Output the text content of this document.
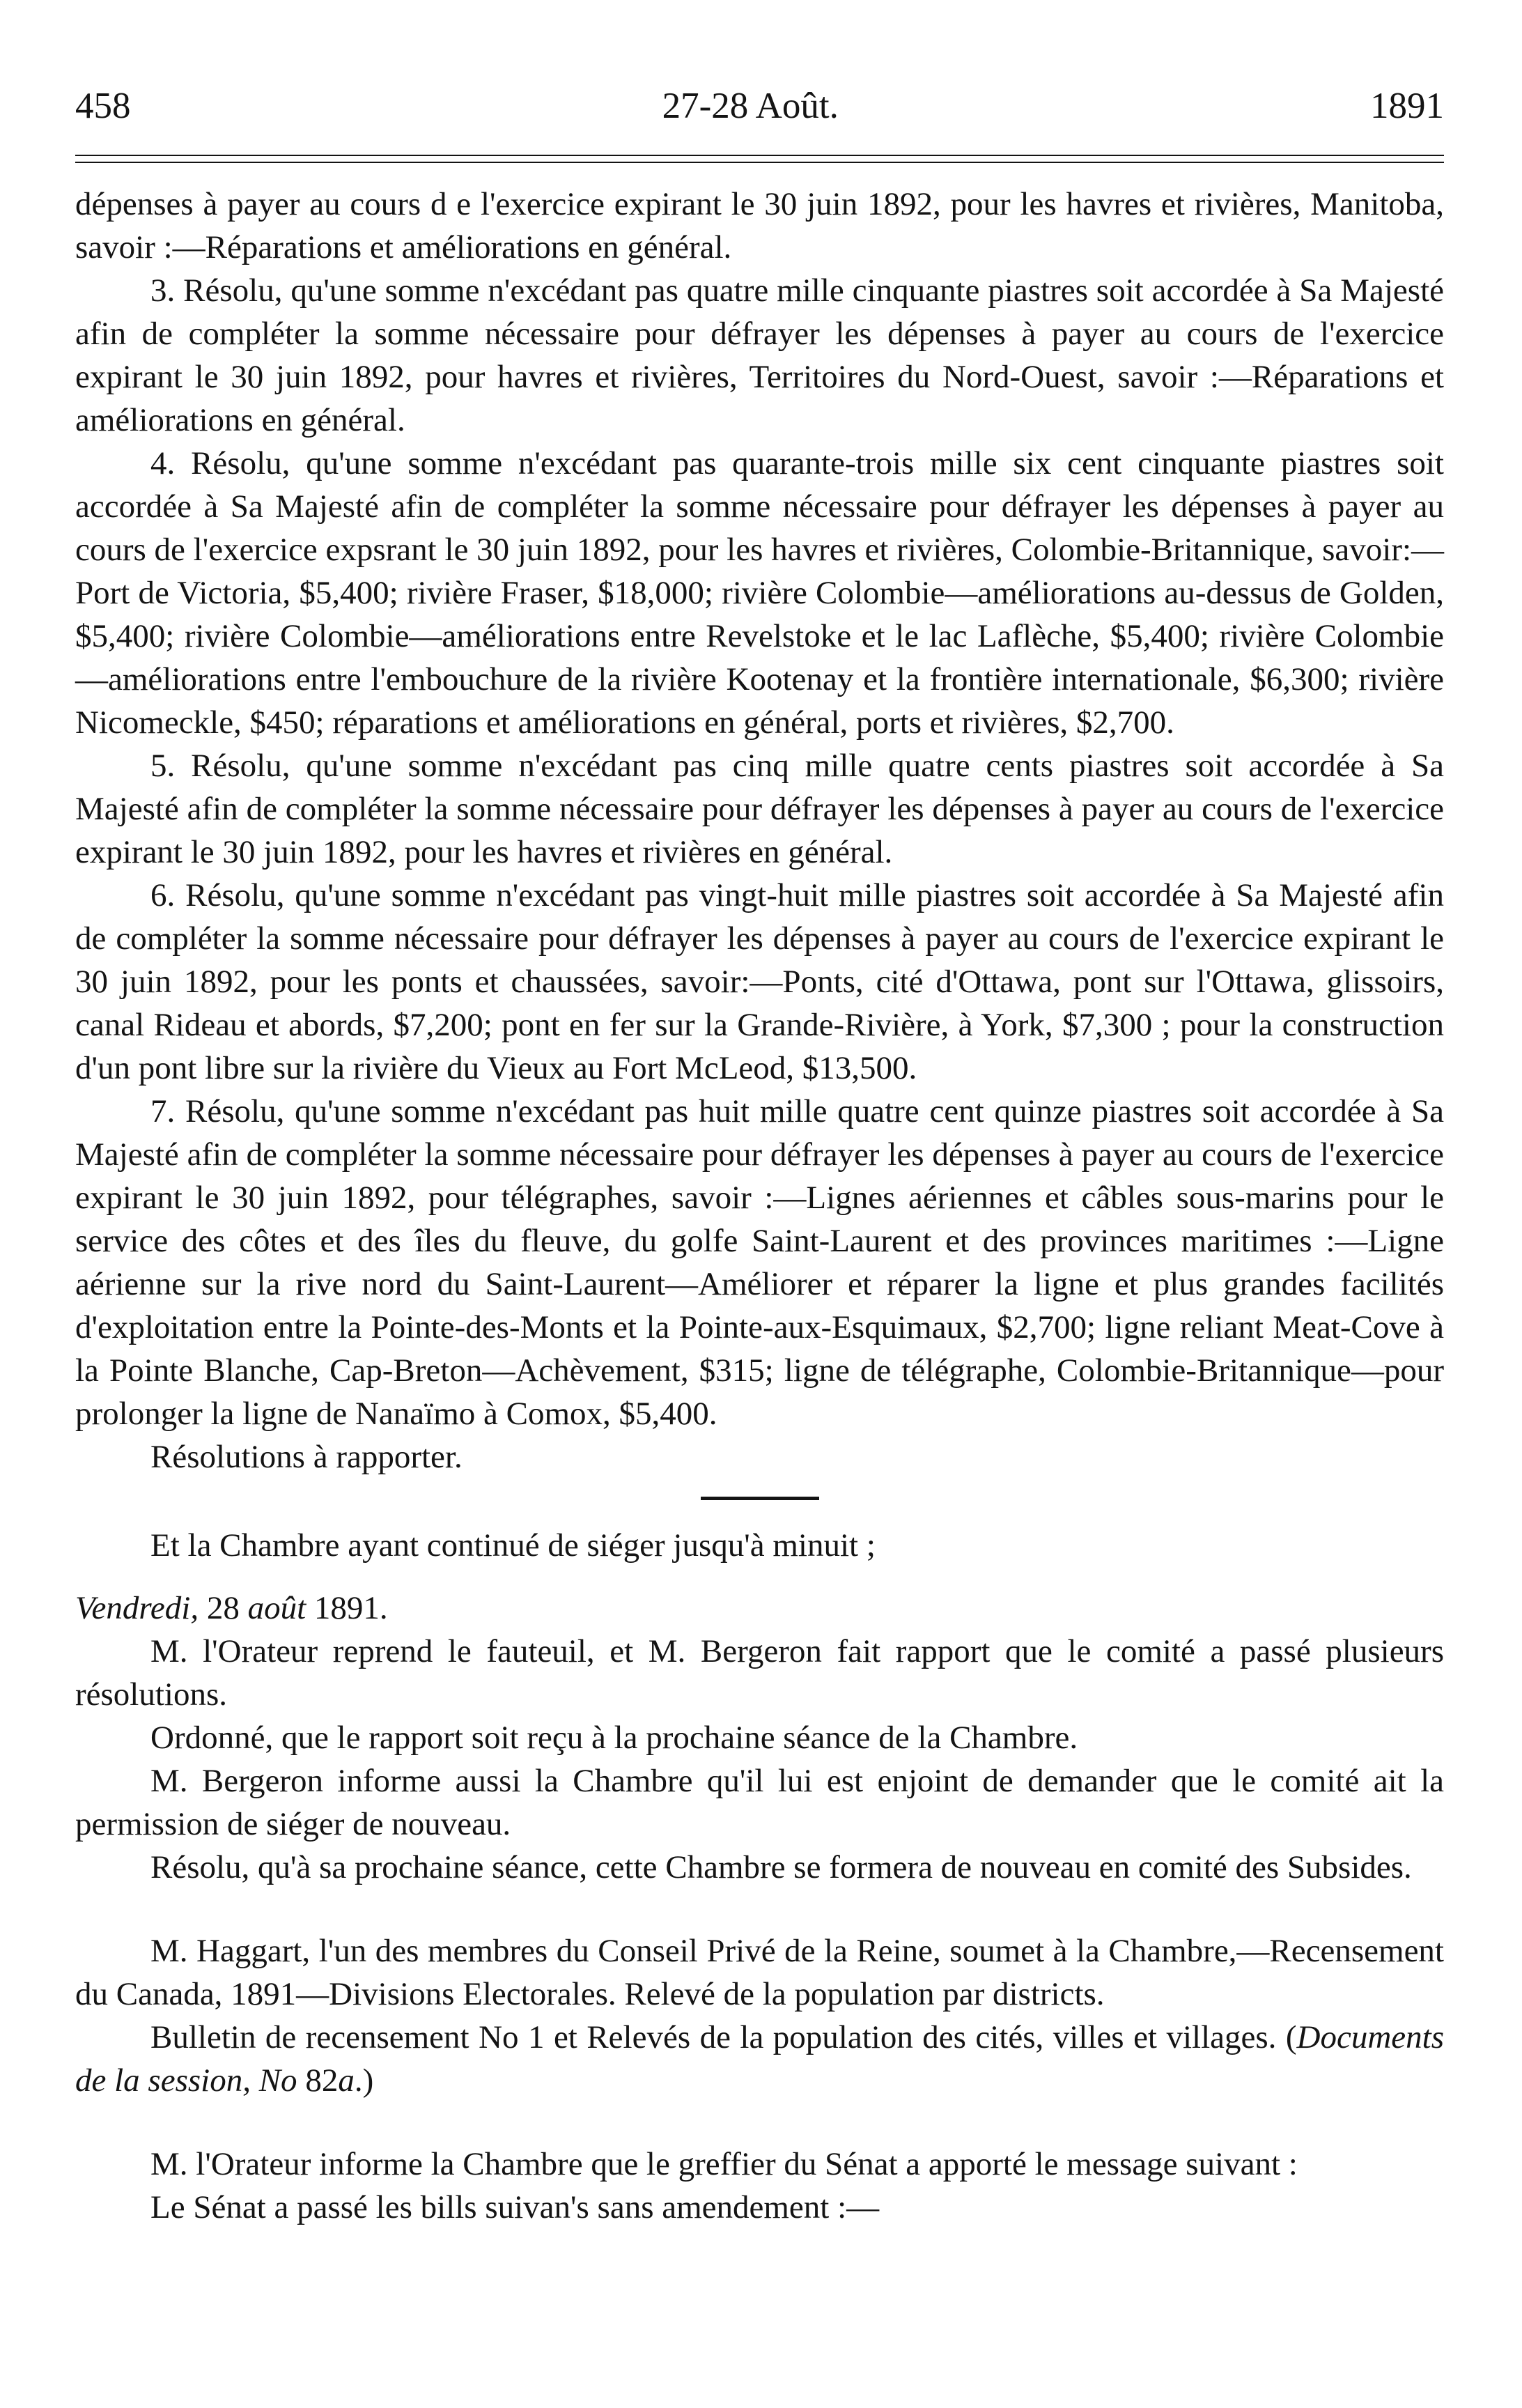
458	27-28 Août.	1891

dépenses à payer au cours d e l'exercice expirant le 30 juin 1892, pour les havres et rivières, Manitoba, savoir :—Réparations et améliorations en général.

3. Résolu, qu'une somme n'excédant pas quatre mille cinquante piastres soit accordée à Sa Majesté afin de compléter la somme nécessaire pour défrayer les dépenses à payer au cours de l'exercice expirant le 30 juin 1892, pour havres et rivières, Territoires du Nord-Ouest, savoir :—Réparations et améliorations en général.

4. Résolu, qu'une somme n'excédant pas quarante-trois mille six cent cinquante piastres soit accordée à Sa Majesté afin de compléter la somme nécessaire pour défrayer les dépenses à payer au cours de l'exercice expsrant le 30 juin 1892, pour les havres et rivières, Colombie-Britannique, savoir:—Port de Victoria, $5,400; rivière Fraser, $18,000; rivière Colombie—améliorations au-dessus de Golden, $5,400; rivière Colombie—améliorations entre Revelstoke et le lac Laflèche, $5,400; rivière Colombie—améliorations entre l'embouchure de la rivière Kootenay et la frontière internationale, $6,300; rivière Nicomeckle, $450; réparations et améliorations en général, ports et rivières, $2,700.

5. Résolu, qu'une somme n'excédant pas cinq mille quatre cents piastres soit accordée à Sa Majesté afin de compléter la somme nécessaire pour défrayer les dépenses à payer au cours de l'exercice expirant le 30 juin 1892, pour les havres et rivières en général.

6. Résolu, qu'une somme n'excédant pas vingt-huit mille piastres soit accordée à Sa Majesté afin de compléter la somme nécessaire pour défrayer les dépenses à payer au cours de l'exercice expirant le 30 juin 1892, pour les ponts et chaussées, savoir:—Ponts, cité d'Ottawa, pont sur l'Ottawa, glissoirs, canal Rideau et abords, $7,200; pont en fer sur la Grande-Rivière, à York, $7,300 ; pour la construction d'un pont libre sur la rivière du Vieux au Fort McLeod, $13,500.

7. Résolu, qu'une somme n'excédant pas huit mille quatre cent quinze piastres soit accordée à Sa Majesté afin de compléter la somme nécessaire pour défrayer les dépenses à payer au cours de l'exercice expirant le 30 juin 1892, pour télégraphes, savoir :—Lignes aériennes et câbles sous-marins pour le service des côtes et des îles du fleuve, du golfe Saint-Laurent et des provinces maritimes :—Ligne aérienne sur la rive nord du Saint-Laurent—Améliorer et réparer la ligne et plus grandes facilités d'exploitation entre la Pointe-des-Monts et la Pointe-aux-Esquimaux, $2,700; ligne reliant Meat-Cove à la Pointe Blanche, Cap-Breton—Achèvement, $315; ligne de télégraphe, Colombie-Britannique—pour prolonger la ligne de Nanaïmo à Comox, $5,400.

Résolutions à rapporter.

Et la Chambre ayant continué de siéger jusqu'à minuit ;

Vendredi, 28 août 1891.

M. l'Orateur reprend le fauteuil, et M. Bergeron fait rapport que le comité a passé plusieurs résolutions.

Ordonné, que le rapport soit reçu à la prochaine séance de la Chambre.

M. Bergeron informe aussi la Chambre qu'il lui est enjoint de demander que le comité ait la permission de siéger de nouveau.

Résolu, qu'à sa prochaine séance, cette Chambre se formera de nouveau en comité des Subsides.

M. Haggart, l'un des membres du Conseil Privé de la Reine, soumet à la Chambre,—Recensement du Canada, 1891—Divisions Electorales. Relevé de la population par districts.

Bulletin de recensement No 1 et Relevés de la population des cités, villes et villages. (Documents de la session, No 82a.)

M. l'Orateur informe la Chambre que le greffier du Sénat a apporté le message suivant :

Le Sénat a passé les bills suivan's sans amendement :—
